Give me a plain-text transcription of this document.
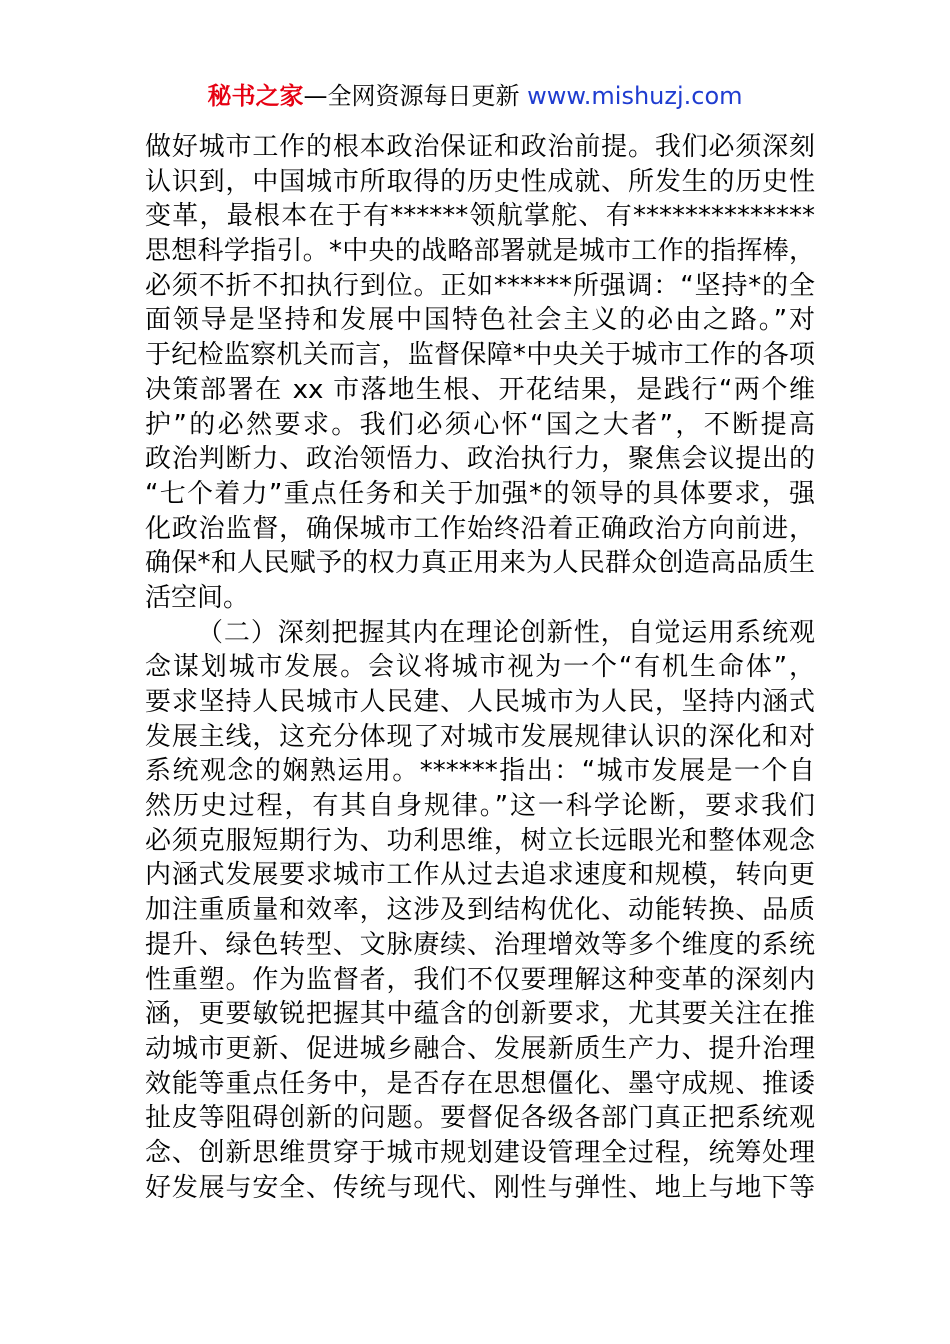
秘书之家—全网资源每日更新 www.mishuzj.com
做好城市工作的根本政治保证和政治前提。我们必须深刻
认识到，中国城市所取得的历史性成就、所发生的历史性
变革，最根本在于有******领航掌舵、有**************
思想科学指引。*中央的战略部署就是城市工作的指挥棒，
必须不折不扣执行到位。正如******所强调：“坚持*的全
面领导是坚持和发展中国特色社会主义的必由之路。”对
于纪检监察机关而言，监督保障*中央关于城市工作的各项
决策部署在 xx 市落地生根、开花结果，是践行“两个维
护”的必然要求。我们必须心怀“国之大者”，不断提高
政治判断力、政治领悟力、政治执行力，聚焦会议提出的
“七个着力”重点任务和关于加强*的领导的具体要求，强
化政治监督，确保城市工作始终沿着正确政治方向前进，
确保*和人民赋予的权力真正用来为人民群众创造高品质生
活空间。
（二）深刻把握其内在理论创新性，自觉运用系统观
念谋划城市发展。会议将城市视为一个“有机生命体”，
要求坚持人民城市人民建、人民城市为人民，坚持内涵式
发展主线，这充分体现了对城市发展规律认识的深化和对
系统观念的娴熟运用。******指出：“城市发展是一个自
然历史过程，有其自身规律。”这一科学论断，要求我们
必须克服短期行为、功利思维，树立长远眼光和整体观念
内涵式发展要求城市工作从过去追求速度和规模，转向更
加注重质量和效率，这涉及到结构优化、动能转换、品质
提升、绿色转型、文脉赓续、治理增效等多个维度的系统
性重塑。作为监督者，我们不仅要理解这种变革的深刻内
涵，更要敏锐把握其中蕴含的创新要求，尤其要关注在推
动城市更新、促进城乡融合、发展新质生产力、提升治理
效能等重点任务中，是否存在思想僵化、墨守成规、推诿
扯皮等阻碍创新的问题。要督促各级各部门真正把系统观
念、创新思维贯穿于城市规划建设管理全过程，统筹处理
好发展与安全、传统与现代、刚性与弹性、地上与地下等
